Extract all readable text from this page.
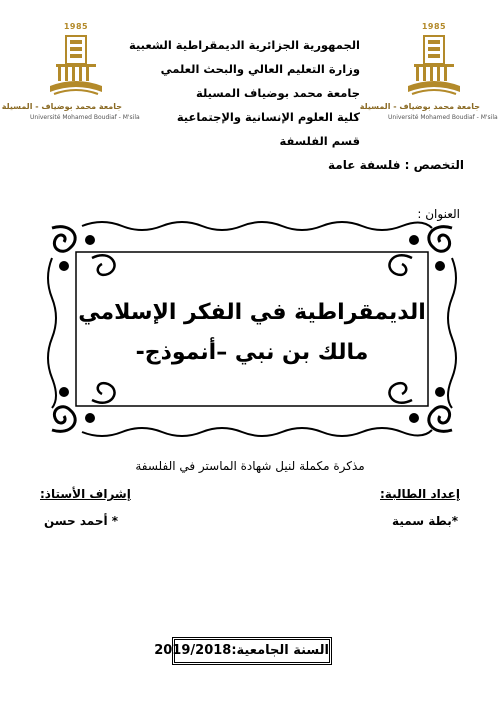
1985
جامعة محمد بوضياف - المسيلة
Université Mohamed Boudiaf - M'sila
1985
جامعة محمد بوضياف - المسيلة
Université Mohamed Boudiaf - M'sila
الجمهورية الجزائرية الديمقراطية الشعبية
وزارة التعليم العالي والبحث العلمي
جامعة محمد بوضياف المسيلة
كلية العلوم الإنسانية والإجتماعية
قسم الفلسفة
التخصص : فلسفة عامة
العنوان :
الديمقراطية في الفكر الإسلامي
مالك بن نبي –أنموذج-
مذكرة مكملة لنيل شهادة الماستر في الفلسفة
إعداد الطالبة:
*بطة سمية
إشراف الأستاذ:
* أحمد حسن
السنة الجامعية:2019/2018
